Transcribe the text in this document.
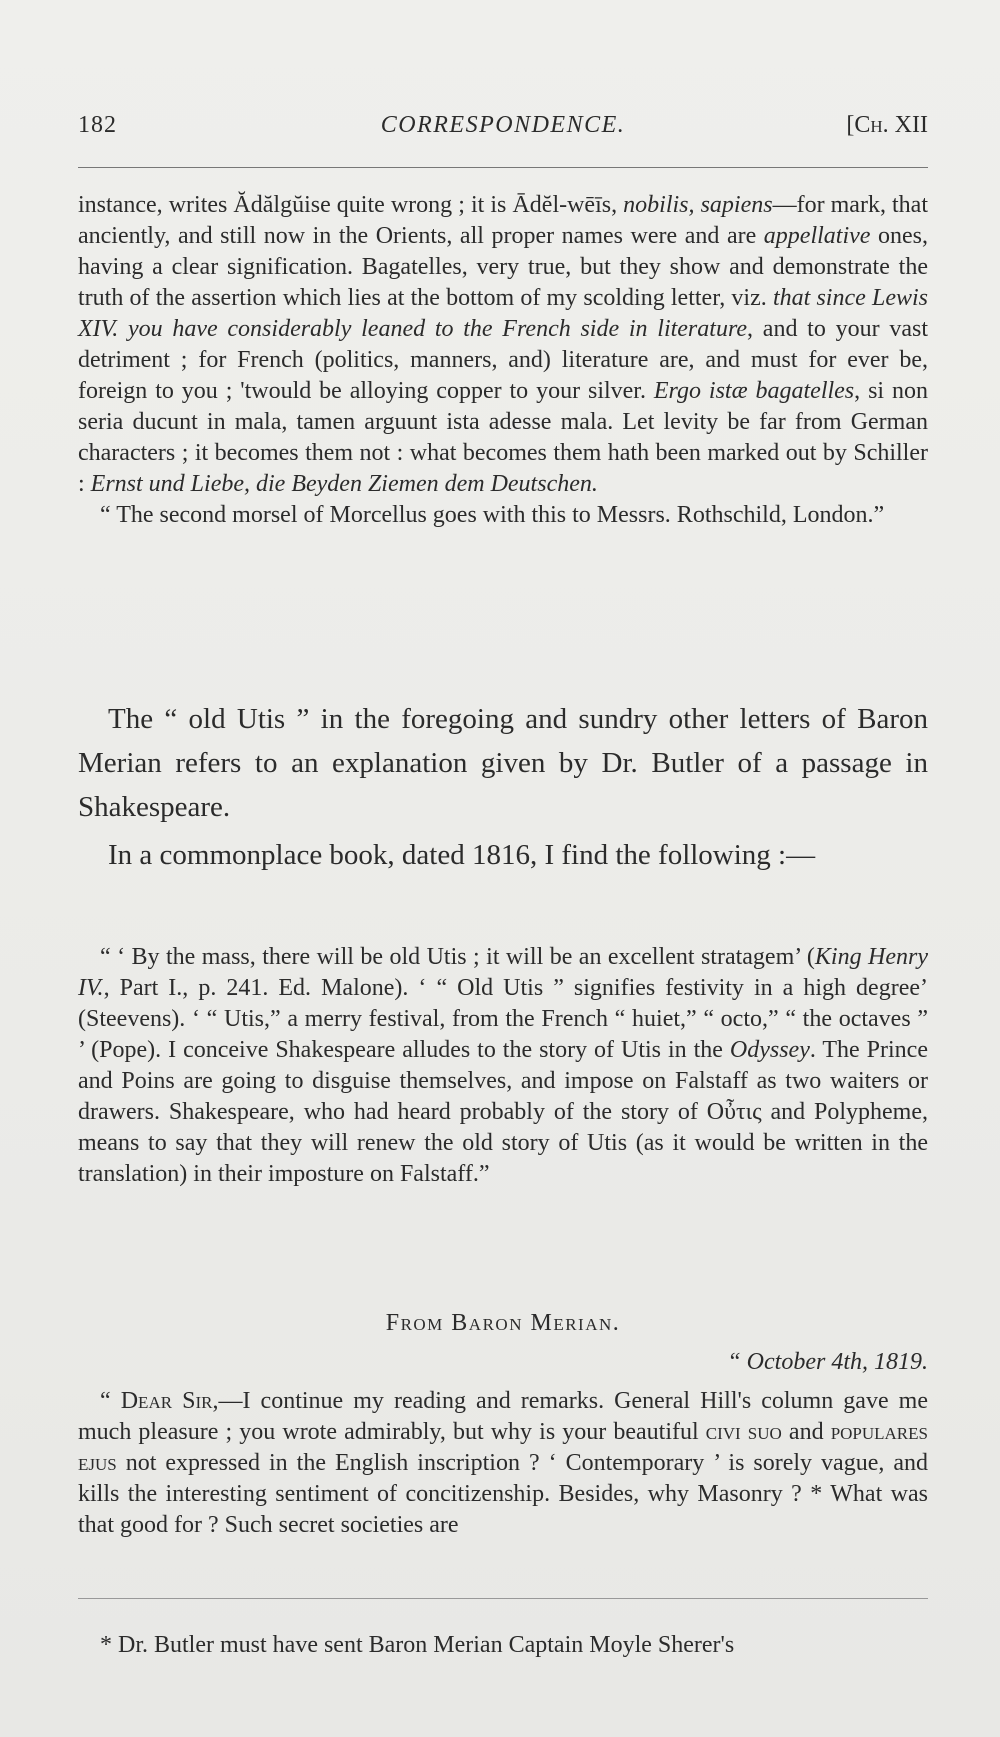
182	CORRESPONDENCE.	[Ch. XII

instance, writes Ădălgŭise quite wrong ; it is Ādĕl-wēīs, nobilis, sapiens—for mark, that anciently, and still now in the Orients, all proper names were and are appellative ones, having a clear signification. Bagatelles, very true, but they show and demonstrate the truth of the assertion which lies at the bottom of my scolding letter, viz. that since Lewis XIV. you have considerably leaned to the French side in literature, and to your vast detriment ; for French (politics, manners, and) literature are, and must for ever be, foreign to you ; 'twould be alloying copper to your silver. Ergo istæ bagatelles, si non seria ducunt in mala, tamen arguunt ista adesse mala. Let levity be far from German characters ; it becomes them not : what becomes them hath been marked out by Schiller : Ernst und Liebe, die Beyden Ziemen dem Deutschen.

“ The second morsel of Morcellus goes with this to Messrs. Rothschild, London.”

The “ old Utis ” in the foregoing and sundry other letters of Baron Merian refers to an explanation given by Dr. Butler of a passage in Shakespeare.

In a commonplace book, dated 1816, I find the following :—

“ ‘ By the mass, there will be old Utis ; it will be an excellent stratagem’ (King Henry IV., Part I., p. 241. Ed. Malone). ‘ “ Old Utis ” signifies festivity in a high degree’ (Steevens). ‘ “ Utis,” a merry festival, from the French “ huiet,” “ octo,” “ the octaves ” ’ (Pope). I conceive Shakespeare alludes to the story of Utis in the Odyssey. The Prince and Poins are going to disguise themselves, and impose on Falstaff as two waiters or drawers. Shakespeare, who had heard probably of the story of Οὖτις and Polypheme, means to say that they will renew the old story of Utis (as it would be written in the translation) in their imposture on Falstaff.”

From Baron Merian.

“ October 4th, 1819.

“ Dear Sir,—I continue my reading and remarks. General Hill's column gave me much pleasure ; you wrote admirably, but why is your beautiful civi suo and populares ejus not expressed in the English inscription ? ‘ Contemporary ’ is sorely vague, and kills the interesting sentiment of concitizenship. Besides, why Masonry ? * What was that good for ? Such secret societies are

* Dr. Butler must have sent Baron Merian Captain Moyle Sherer's
